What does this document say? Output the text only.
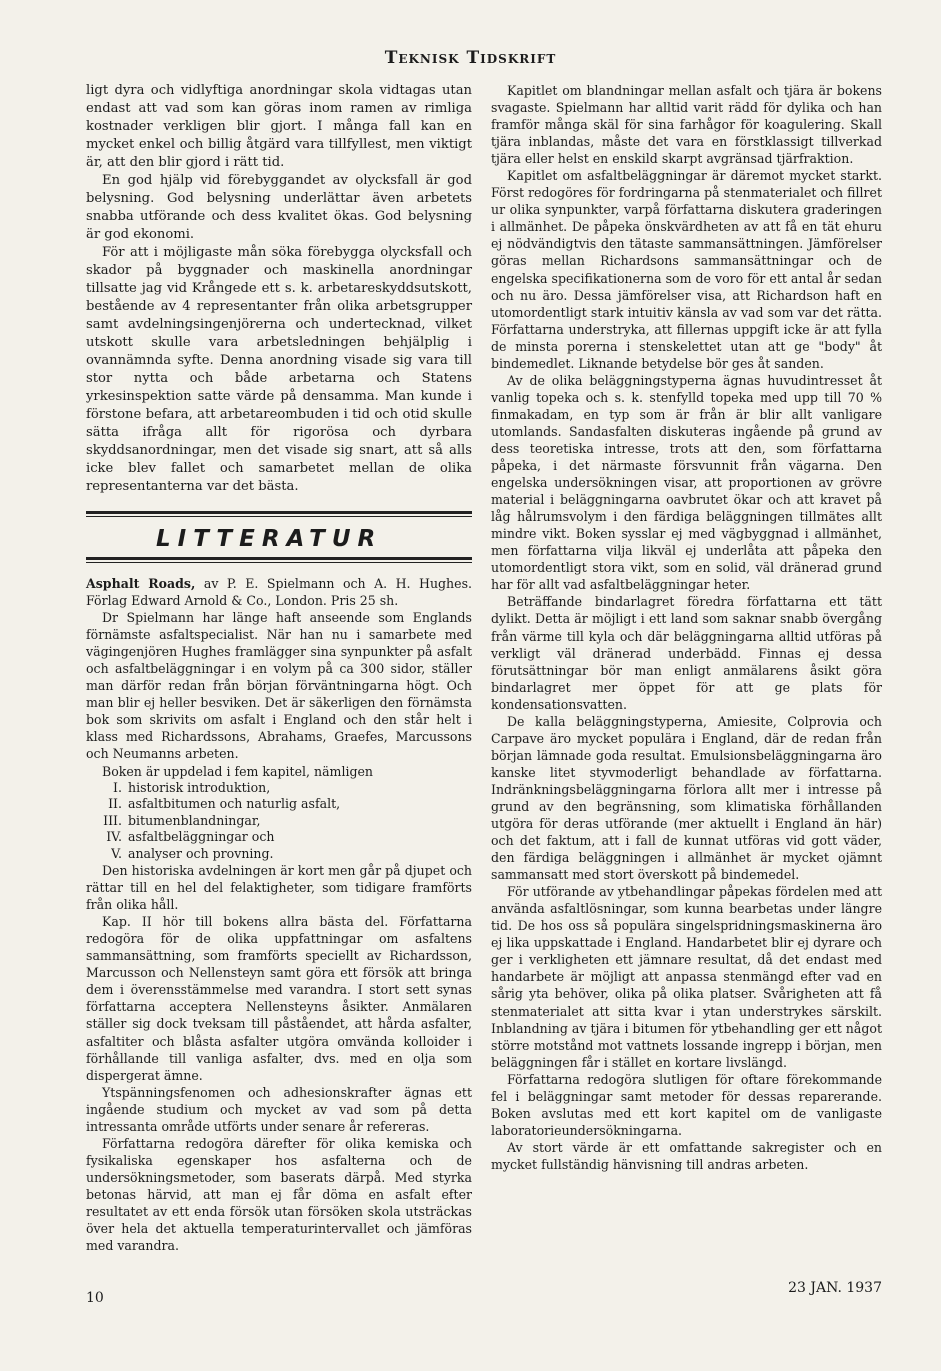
Teknisk Tidskrift

ligt dyra och vidlyftiga anordningar skola vidtagas utan endast att vad som kan göras inom ramen av rimliga kostnader verkligen blir gjort. I många fall kan en mycket enkel och billig åtgärd vara tillfyllest, men viktigt är, att den blir gjord i rätt tid.

En god hjälp vid förebyggandet av olycksfall är god belysning. God belysning underlättar även arbetets snabba utförande och dess kvalitet ökas. God belysning är god ekonomi.

För att i möjligaste mån söka förebygga olycksfall och skador på byggnader och maskinella anordningar tillsatte jag vid Krångede ett s. k. arbetareskyddsutskott, bestående av 4 representanter från olika arbetsgrupper samt avdelningsingenjörerna och undertecknad, vilket utskott skulle vara arbetsledningen behjälplig i ovannämnda syfte. Denna anordning visade sig vara till stor nytta och både arbetarna och Statens yrkesinspektion satte värde på densamma. Man kunde i förstone befara, att arbetareombuden i tid och otid skulle sätta ifråga allt för rigorösa och dyrbara skyddsanordningar, men det visade sig snart, att så alls icke blev fallet och samarbetet mellan de olika representanterna var det bästa.

LITTERATUR

Asphalt Roads, av P. E. Spielmann och A. H. Hughes. Förlag Edward Arnold & Co., London. Pris 25 sh.

Dr Spielmann har länge haft anseende som Englands förnämste asfaltspecialist. När han nu i samarbete med vägingenjören Hughes framlägger sina synpunkter på asfalt och asfaltbeläggningar i en volym på ca 300 sidor, ställer man därför redan från början förväntningarna högt. Och man blir ej heller besviken. Det är säkerligen den förnämsta bok som skrivits om asfalt i England och den står helt i klass med Richardssons, Abrahams, Graefes, Marcussons och Neumanns arbeten.

Boken är uppdelad i fem kapitel, nämligen

I. historisk introduktion,
II. asfaltbitumen och naturlig asfalt,
III. bitumenblandningar,
IV. asfaltbeläggningar och
V. analyser och provning.

Den historiska avdelningen är kort men går på djupet och rättar till en hel del felaktigheter, som tidigare framförts från olika håll.

Kap. II hör till bokens allra bästa del. Författarna redogöra för de olika uppfattningar om asfaltens sammansättning, som framförts speciellt av Richardsson, Marcusson och Nellensteyn samt göra ett försök att bringa dem i överensstämmelse med varandra. I stort sett synas författarna acceptera Nellensteyns åsikter. Anmälaren ställer sig dock tveksam till påståendet, att hårda asfalter, asfaltiter och blåsta asfalter utgöra omvända kolloider i förhållande till vanliga asfalter, dvs. med en olja som dispergerat ämne.

Ytspänningsfenomen och adhesionskrafter ägnas ett ingående studium och mycket av vad som på detta intressanta område utförts under senare år refereras.

Författarna redogöra därefter för olika kemiska och fysikaliska egenskaper hos asfalterna och de undersökningsmetoder, som baserats därpå. Med styrka betonas härvid, att man ej får döma en asfalt efter resultatet av ett enda försök utan försöken skola utsträckas över hela det aktuella temperaturintervallet och jämföras med varandra.

Kapitlet om blandningar mellan asfalt och tjära är bokens svagaste. Spielmann har alltid varit rädd för dylika och han framför många skäl för sina farhågor för koagulering. Skall tjära inblandas, måste det vara en förstklassigt tillverkad tjära eller helst en enskild skarpt avgränsad tjärfraktion.

Kapitlet om asfaltbeläggningar är däremot mycket starkt. Först redogöres för fordringarna på stenmaterialet och fillret ur olika synpunkter, varpå författarna diskutera graderingen i allmänhet. De påpeka önskvärdheten av att få en tät ehuru ej nödvändigtvis den tätaste sammansättningen. Jämförelser göras mellan Richardsons sammansättningar och de engelska specifikationerna som de voro för ett antal år sedan och nu äro. Dessa jämförelser visa, att Richardson haft en utomordentligt stark intuitiv känsla av vad som var det rätta. Författarna understryka, att fillernas uppgift icke är att fylla de minsta porerna i stenskelettet utan att ge "body" åt bindemedlet. Liknande betydelse bör ges åt sanden.

Av de olika beläggningstyperna ägnas huvudintresset åt vanlig topeka och s. k. stenfylld topeka med upp till 70 % finmakadam, en typ som är från är blir allt vanligare utomlands. Sandasfalten diskuteras ingående på grund av dess teoretiska intresse, trots att den, som författarna påpeka, i det närmaste försvunnit från vägarna. Den engelska undersökningen visar, att proportionen av grövre material i beläggningarna oavbrutet ökar och att kravet på låg hålrumsvolym i den färdiga beläggningen tillmätes allt mindre vikt. Boken sysslar ej med vägbyggnad i allmänhet, men författarna vilja likväl ej underlåta att påpeka den utomordentligt stora vikt, som en solid, väl dränerad grund har för allt vad asfaltbeläggningar heter.

Beträffande bindarlagret föredra författarna ett tätt dylikt. Detta är möjligt i ett land som saknar snabb övergång från värme till kyla och där beläggningarna alltid utföras på verkligt väl dränerad underbädd. Finnas ej dessa förutsättningar bör man enligt anmälarens åsikt göra bindarlagret mer öppet för att ge plats för kondensationsvatten.

De kalla beläggningstyperna, Amiesite, Colprovia och Carpave äro mycket populära i England, där de redan från början lämnade goda resultat. Emulsionsbeläggningarna äro kanske litet styvmoderligt behandlade av författarna. Indränkningsbeläggningarna förlora allt mer i intresse på grund av den begränsning, som klimatiska förhållanden utgöra för deras utförande (mer aktuellt i England än här) och det faktum, att i fall de kunnat utföras vid gott väder, den färdiga beläggningen i allmänhet är mycket ojämnt sammansatt med stort överskott på bindemedel.

För utförande av ytbehandlingar påpekas fördelen med att använda asfaltlösningar, som kunna bearbetas under längre tid. De hos oss så populära singelspridningsmaskinerna äro ej lika uppskattade i England. Handarbetet blir ej dyrare och ger i verkligheten ett jämnare resultat, då det endast med handarbete är möjligt att anpassa stenmängd efter vad en sårig yta behöver, olika på olika platser. Svårigheten att få stenmaterialet att sitta kvar i ytan understrykes särskilt. Inblandning av tjära i bitumen för ytbehandling ger ett något större motstånd mot vattnets lossande ingrepp i början, men beläggningen får i stället en kortare livslängd.

Författarna redogöra slutligen för oftare förekommande fel i beläggningar samt metoder för dessas reparerande. Boken avslutas med ett kort kapitel om de vanligaste laboratorieundersökningarna.

Av stort värde är ett omfattande sakregister och en mycket fullständig hänvisning till andras arbeten.

10
23 JAN. 1937
